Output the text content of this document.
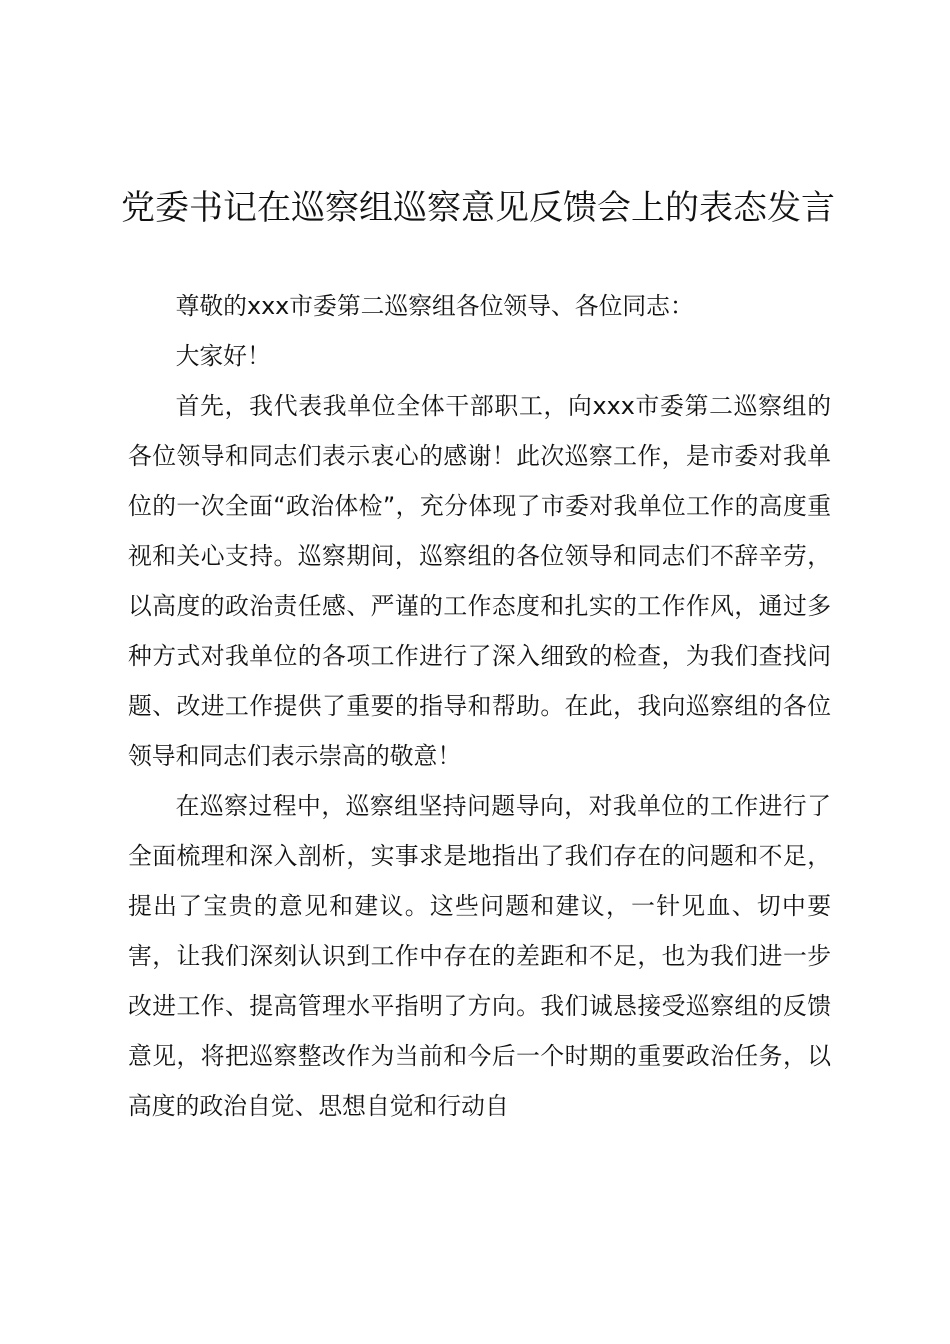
党委书记在巡察组巡察意见反馈会上的表态发言

尊敬的xxx市委第二巡察组各位领导、各位同志：

大家好！

首先，我代表我单位全体干部职工，向xxx市委第二巡察组的各位领导和同志们表示衷心的感谢！此次巡察工作，是市委对我单位的一次全面“政治体检”，充分体现了市委对我单位工作的高度重视和关心支持。巡察期间，巡察组的各位领导和同志们不辞辛劳，以高度的政治责任感、严谨的工作态度和扎实的工作作风，通过多种方式对我单位的各项工作进行了深入细致的检查，为我们查找问题、改进工作提供了重要的指导和帮助。在此，我向巡察组的各位领导和同志们表示崇高的敬意！

在巡察过程中，巡察组坚持问题导向，对我单位的工作进行了全面梳理和深入剖析，实事求是地指出了我们存在的问题和不足，提出了宝贵的意见和建议。这些问题和建议，一针见血、切中要害，让我们深刻认识到工作中存在的差距和不足，也为我们进一步改进工作、提高管理水平指明了方向。我们诚恳接受巡察组的反馈意见，将把巡察整改作为当前和今后一个时期的重要政治任务，以高度的政治自觉、思想自觉和行动自
